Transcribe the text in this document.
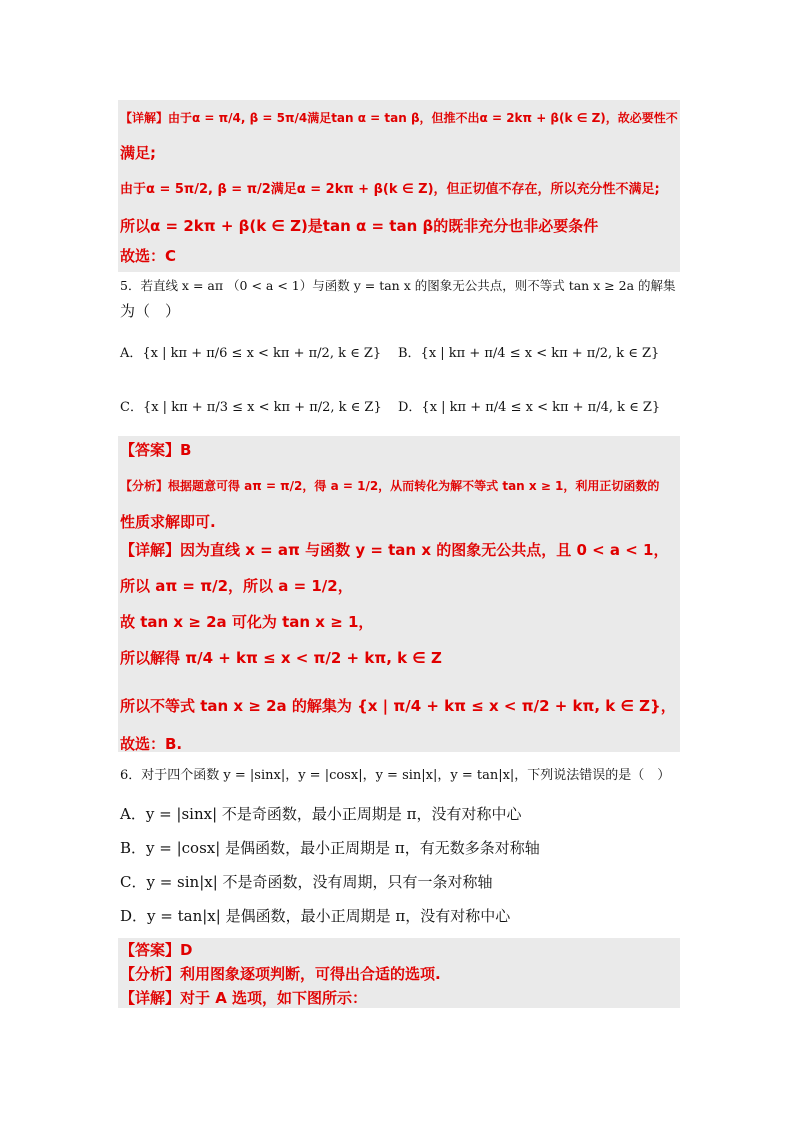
【详解】由于α = π/4, β = 5π/4满足tan α = tan β，但推不出α = 2kπ + β(k ∈ Z)，故必要性不
满足;
由于α = 5π/2, β = π/2满足α = 2kπ + β(k ∈ Z)，但正切值不存在，所以充分性不满足;
所以α = 2kπ + β(k ∈ Z)是tan α = tan β的既非充分也非必要条件
故选：C
5．若直线 x = aπ （0 < a < 1）与函数 y = tan x 的图象无公共点，则不等式 tan x ≥ 2a 的解集
为（　）
A．{x | kπ + π/6 ≤ x < kπ + π/2, k ∈ Z} B．{x | kπ + π/4 ≤ x < kπ + π/2, k ∈ Z}
C．{x | kπ + π/3 ≤ x < kπ + π/2, k ∈ Z} D．{x | kπ + π/4 ≤ x < kπ + π/4, k ∈ Z}
【答案】B
【分析】根据题意可得 aπ = π/2，得 a = 1/2，从而转化为解不等式 tan x ≥ 1，利用正切函数的
性质求解即可.
【详解】因为直线 x = aπ 与函数 y = tan x 的图象无公共点，且 0 < a < 1，
所以 aπ = π/2，所以 a = 1/2，
故 tan x ≥ 2a 可化为 tan x ≥ 1，
所以解得 π/4 + kπ ≤ x < π/2 + kπ, k ∈ Z
所以不等式 tan x ≥ 2a 的解集为 {x | π/4 + kπ ≤ x < π/2 + kπ, k ∈ Z}，
故选：B.
6．对于四个函数 y = |sinx|，y = |cosx|，y = sin|x|，y = tan|x|，下列说法错误的是（　）
A．y = |sinx| 不是奇函数，最小正周期是 π，没有对称中心
B．y = |cosx| 是偶函数，最小正周期是 π，有无数多条对称轴
C．y = sin|x| 不是奇函数，没有周期，只有一条对称轴
D．y = tan|x| 是偶函数，最小正周期是 π，没有对称中心
【答案】D
【分析】利用图象逐项判断，可得出合适的选项.
【详解】对于 A 选项，如下图所示：
